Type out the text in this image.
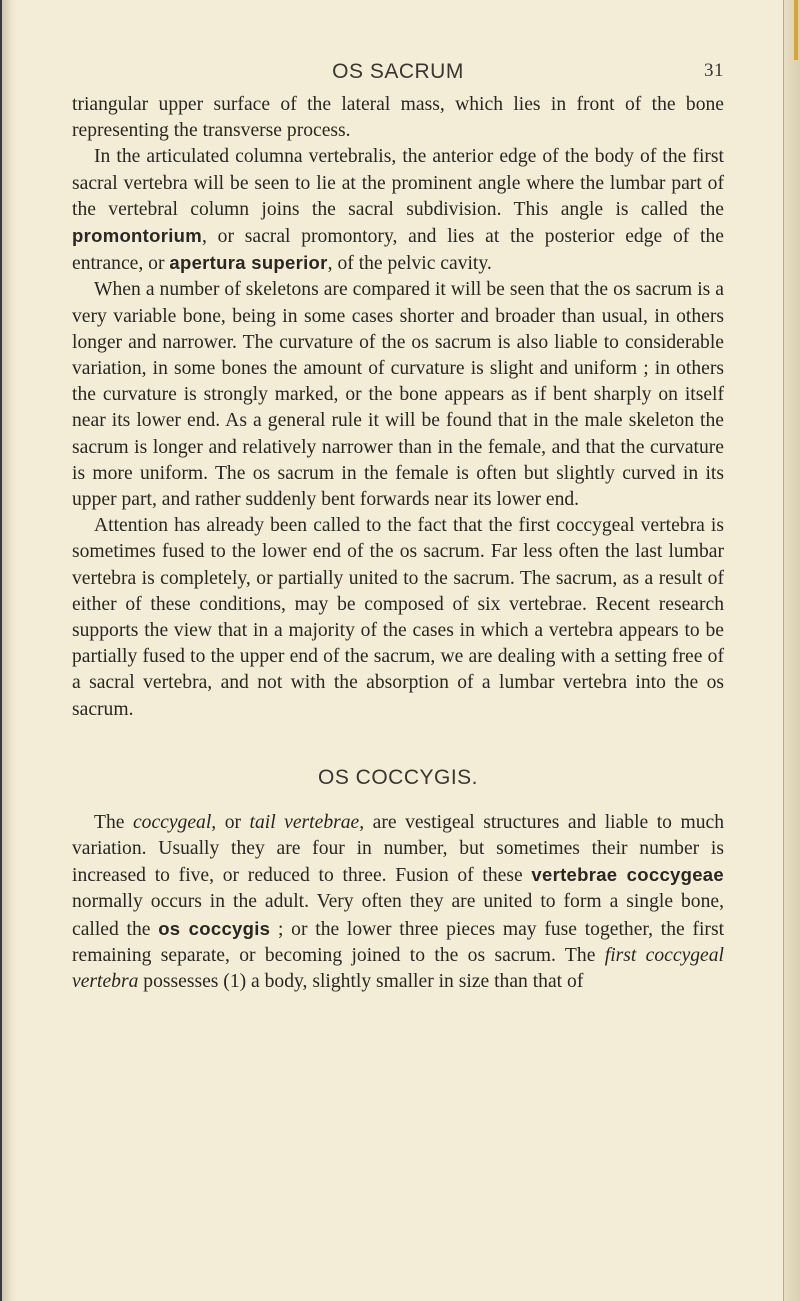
OS SACRUM	31

triangular upper surface of the lateral mass, which lies in front of the bone representing the transverse process.

In the articulated columna vertebralis, the anterior edge of the body of the first sacral vertebra will be seen to lie at the prominent angle where the lumbar part of the vertebral column joins the sacral subdivision. This angle is called the promontorium, or sacral promontory, and lies at the posterior edge of the entrance, or apertura superior, of the pelvic cavity.

When a number of skeletons are compared it will be seen that the os sacrum is a very variable bone, being in some cases shorter and broader than usual, in others longer and narrower. The curvature of the os sacrum is also liable to considerable variation, in some bones the amount of curvature is slight and uniform ; in others the curvature is strongly marked, or the bone appears as if bent sharply on itself near its lower end. As a general rule it will be found that in the male skeleton the sacrum is longer and relatively narrower than in the female, and that the curvature is more uniform. The os sacrum in the female is often but slightly curved in its upper part, and rather suddenly bent forwards near its lower end.

Attention has already been called to the fact that the first coccygeal vertebra is sometimes fused to the lower end of the os sacrum. Far less often the last lumbar vertebra is completely, or partially united to the sacrum. The sacrum, as a result of either of these conditions, may be composed of six vertebrae. Recent research supports the view that in a majority of the cases in which a vertebra appears to be partially fused to the upper end of the sacrum, we are dealing with a setting free of a sacral vertebra, and not with the absorption of a lumbar vertebra into the os sacrum.

OS COCCYGIS.

The coccygeal, or tail vertebrae, are vestigeal structures and liable to much variation. Usually they are four in number, but sometimes their number is increased to five, or reduced to three. Fusion of these vertebrae coccygeae normally occurs in the adult. Very often they are united to form a single bone, called the os coccygis ; or the lower three pieces may fuse together, the first remaining separate, or becoming joined to the os sacrum. The first coccygeal vertebra possesses (1) a body, slightly smaller in size than that of
